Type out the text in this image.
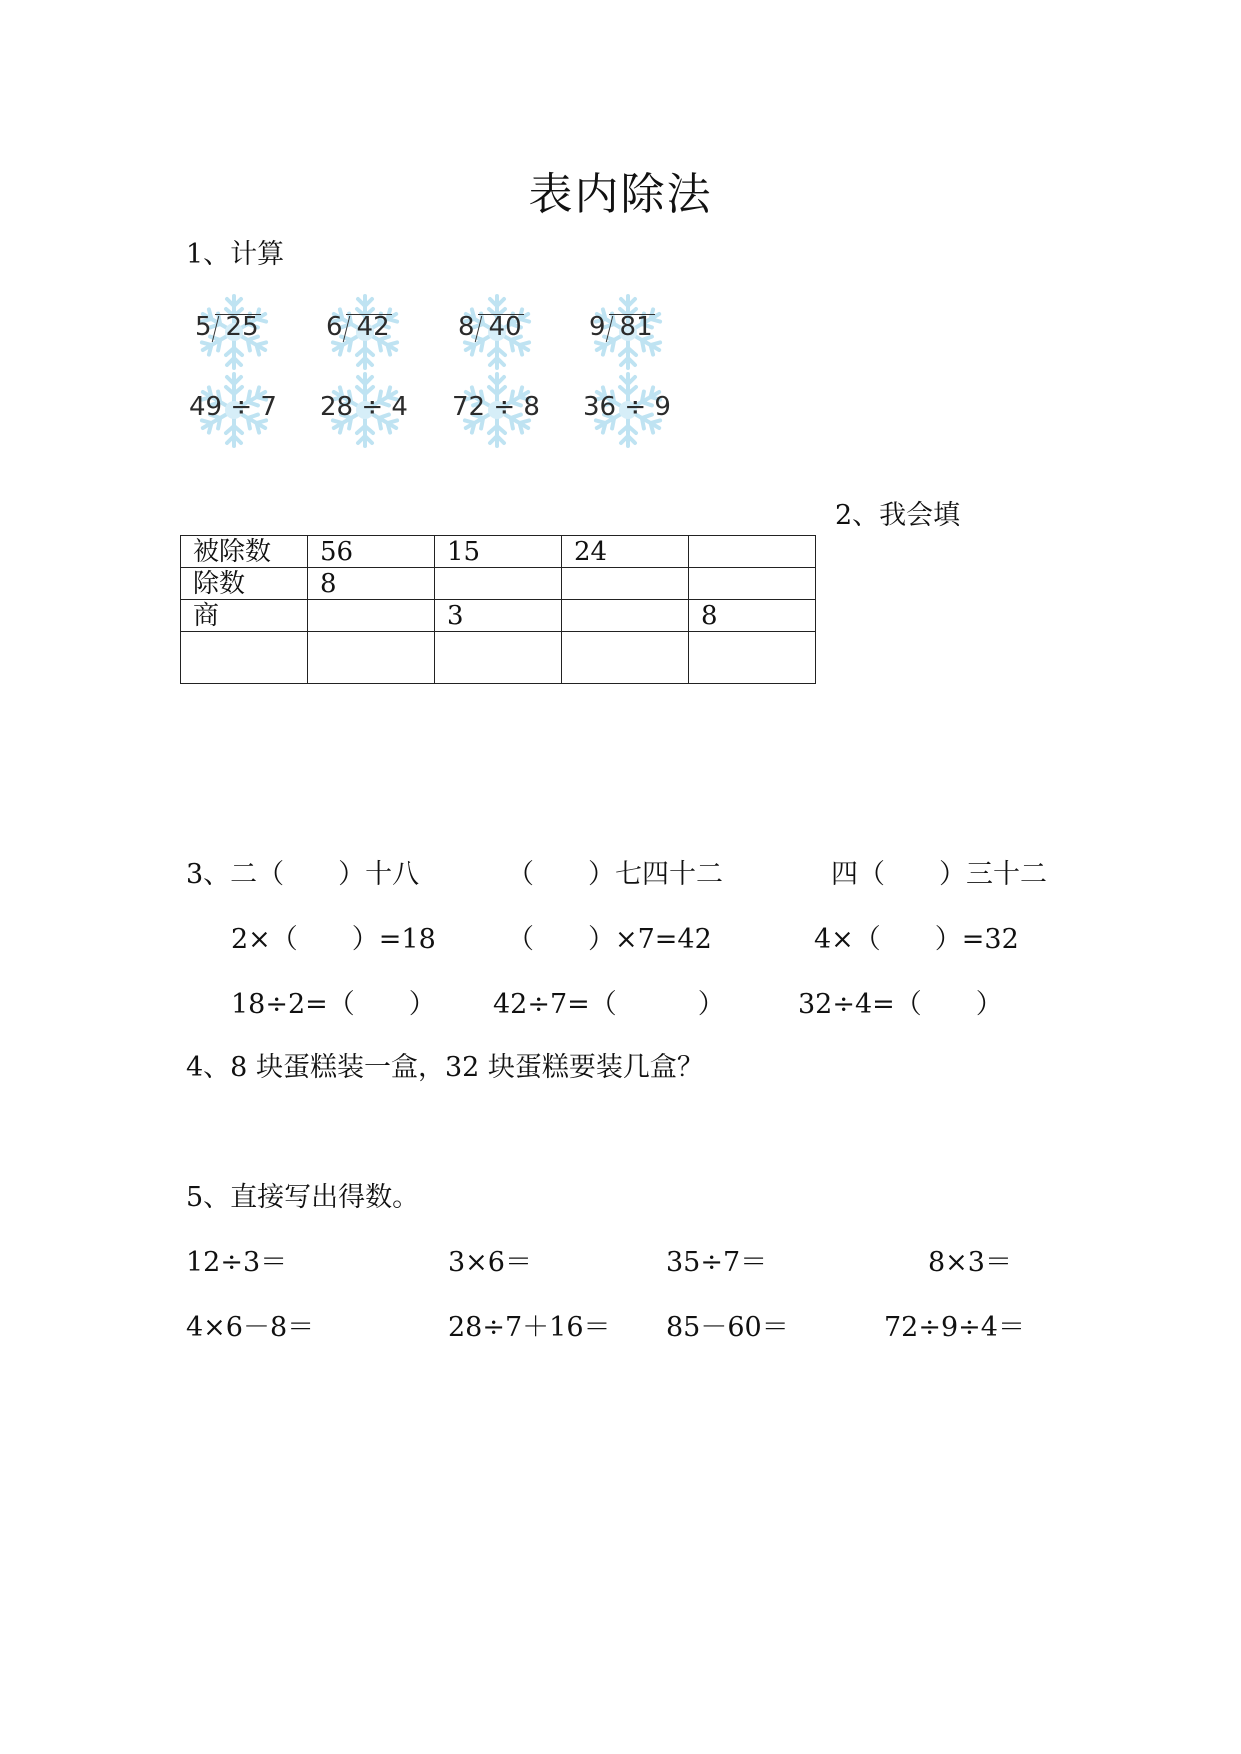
表内除法
1、计算
5 25	6 42	8 40	9 81
49 ÷ 7 28 ÷ 4 72 ÷ 8 36 ÷ 9
2、我会填
被除数	56	15	24	
除数	8			
商		3		8

3、二（　　）十八	（　　）七四十二	四（　　）三十二
2×（　　）=18	（　　）×7=42	4×（　　）=32
18÷2=（　　） 42÷7=（　　　）	32÷4=（　　）
4、8 块蛋糕装一盒，32 块蛋糕要装几盒？
5、直接写出得数。
12÷3＝	3×6＝	35÷7＝	8×3＝
4×6－8＝	28÷7＋16＝ 85－60＝	72÷9÷4＝
